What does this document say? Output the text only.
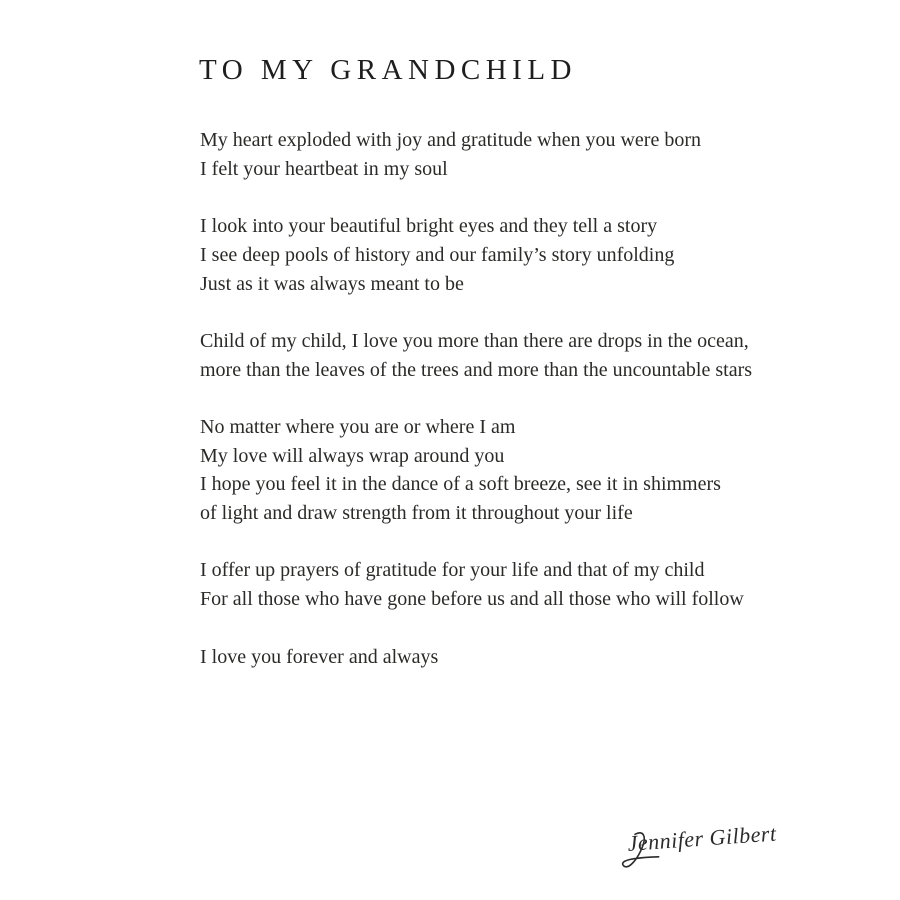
TO MY GRANDCHILD

My heart exploded with joy and gratitude when you were born
I felt your heartbeat in my soul

I look into your beautiful bright eyes and they tell a story
I see deep pools of history and our family’s story unfolding
Just as it was always meant to be

Child of my child, I love you more than there are drops in the ocean,
more than the leaves of the trees and more than the uncountable stars

No matter where you are or where I am
My love will always wrap around you
I hope you feel it in the dance of a soft breeze, see it in shimmers
of light and draw strength from it throughout your life

I offer up prayers of gratitude for your life and that of my child
For all those who have gone before us and all those who will follow

I love you forever and always

Jennifer Gilbert
